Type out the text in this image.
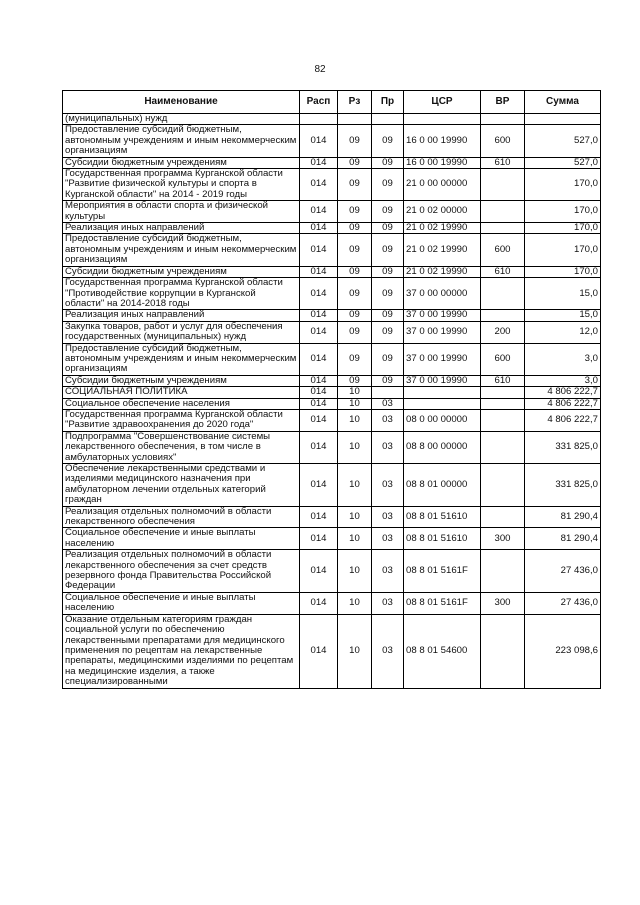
82
Наименование	Расп	Рз	Пр	ЦСР	ВР	Сумма
(муниципальных) нужд						
Предоставление субсидий бюджетным, автономным учреждениям и иным некоммерческим организациям	014	09	09	16 0 00 19990	600	527,0
Субсидии бюджетным учреждениям	014	09	09	16 0 00 19990	610	527,0
Государственная программа Курганской области "Развитие физической культуры и спорта в Курганской области" на 2014 - 2019 годы	014	09	09	21 0 00 00000		170,0
Мероприятия в области спорта и физической культуры	014	09	09	21 0 02 00000		170,0
Реализация иных направлений	014	09	09	21 0 02 19990		170,0
Предоставление субсидий бюджетным, автономным учреждениям и иным некоммерческим организациям	014	09	09	21 0 02 19990	600	170,0
Субсидии бюджетным учреждениям	014	09	09	21 0 02 19990	610	170,0
Государственная программа Курганской области "Противодействие коррупции в Курганской области" на 2014-2018 годы	014	09	09	37 0 00 00000		15,0
Реализация иных направлений	014	09	09	37 0 00 19990		15,0
Закупка товаров, работ и услуг для обеспечения государственных (муниципальных) нужд	014	09	09	37 0 00 19990	200	12,0
Предоставление субсидий бюджетным, автономным учреждениям и иным некоммерческим организациям	014	09	09	37 0 00 19990	600	3,0
Субсидии бюджетным учреждениям	014	09	09	37 0 00 19990	610	3,0
СОЦИАЛЬНАЯ ПОЛИТИКА	014	10				4 806 222,7
Социальное обеспечение населения	014	10	03			4 806 222,7
Государственная программа Курганской области "Развитие здравоохранения до 2020 года"	014	10	03	08 0 00 00000		4 806 222,7
Подпрограмма "Совершенствование системы лекарственного обеспечения, в том числе в амбулаторных условиях"	014	10	03	08 8 00 00000		331 825,0
Обеспечение лекарственными средствами и изделиями медицинского назначения при амбулаторном лечении отдельных категорий граждан	014	10	03	08 8 01 00000		331 825,0
Реализация отдельных полномочий в области лекарственного обеспечения	014	10	03	08 8 01 51610		81 290,4
Социальное обеспечение и иные выплаты населению	014	10	03	08 8 01 51610	300	81 290,4
Реализация отдельных полномочий в области лекарственного обеспечения за счет средств резервного фонда Правительства Российской Федерации	014	10	03	08 8 01 5161F		27 436,0
Социальное обеспечение и иные выплаты населению	014	10	03	08 8 01 5161F	300	27 436,0
Оказание отдельным категориям граждан социальной услуги по обеспечению лекарственными препаратами для медицинского применения по рецептам на лекарственные препараты, медицинскими изделиями по рецептам на медицинские изделия, а также специализированными	014	10	03	08 8 01 54600		223 098,6
